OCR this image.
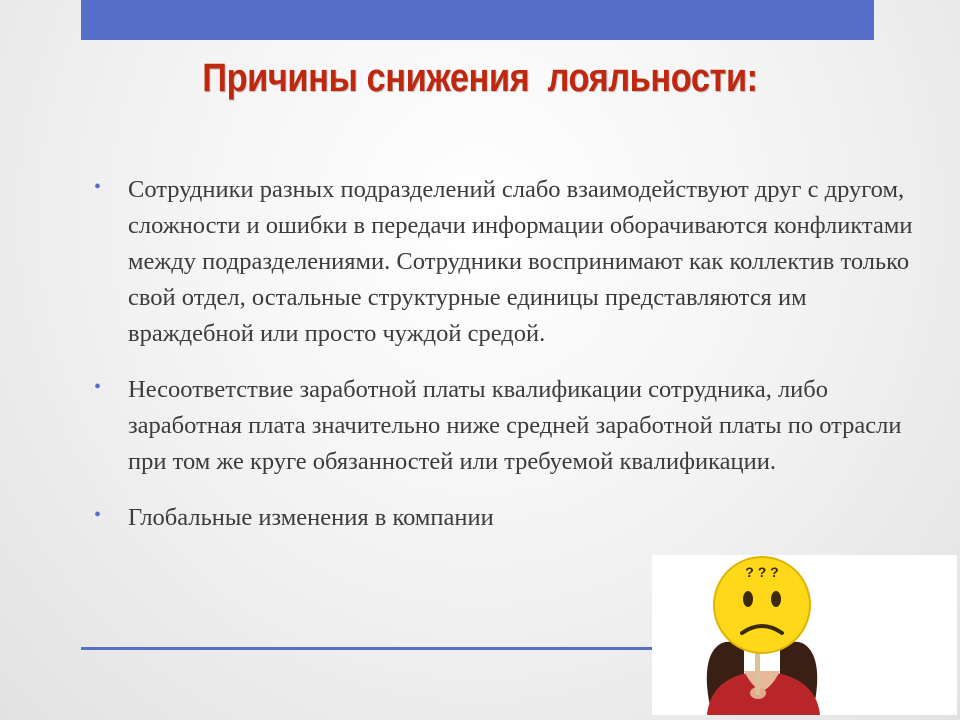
Причины снижения  лояльности:
• Сотрудники разных подразделений слабо взаимодействуют друг с другом, сложности и ошибки в передачи информации оборачиваются конфликтами между подразделениями. Сотрудники воспринимают как коллектив только свой отдел, остальные структурные единицы представляются им враждебной или просто чуждой средой.
• Несоответствие заработной платы квалификации сотрудника, либо заработная плата значительно ниже средней заработной платы по отрасли при том же круге обязанностей или требуемой квалификации.
• Глобальные изменения в компании
? ? ?
